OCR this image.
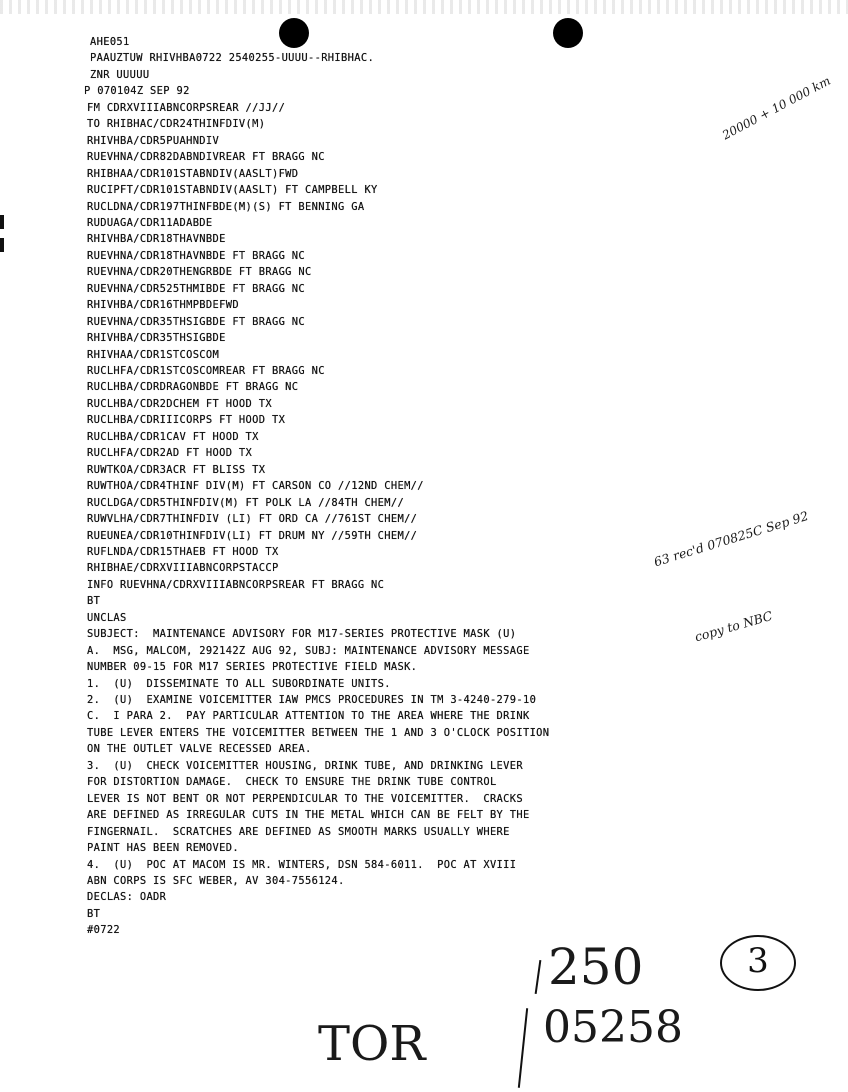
AHE051
PAAUZTUW RHIVHBA0722 2540255-UUUU--RHIBHAC.
ZNR UUUUU
P 070104Z SEP 92
FM CDRXVIIIABNCORPSREAR //JJ//
TO RHIBHAC/CDR24THINFDIV(M)
RHIVHBA/CDR5PUAHNDIV
RUEVHNA/CDR82DABNDIVREAR FT BRAGG NC
RHIBHAA/CDR101STABNDIV(AASLT)FWD
RUCIPFT/CDR101STABNDIV(AASLT) FT CAMPBELL KY
RUCLDNA/CDR197THINFBDE(M)(S) FT BENNING GA
RUDUAGA/CDR11ADABDE
RHIVHBA/CDR18THAVNBDE
RUEVHNA/CDR18THAVNBDE FT BRAGG NC
RUEVHNA/CDR20THENGRBDE FT BRAGG NC
RUEVHNA/CDR525THMIBDE FT BRAGG NC
RHIVHBA/CDR16THMPBDEFWD
RUEVHNA/CDR35THSIGBDE FT BRAGG NC
RHIVHBA/CDR35THSIGBDE
RHIVHAA/CDR1STCOSCOM
RUCLHFA/CDR1STCOSCOMREAR FT BRAGG NC
RUCLHBA/CDRDRAGONBDE FT BRAGG NC
RUCLHBA/CDR2DCHEM FT HOOD TX
RUCLHBA/CDRIIICORPS FT HOOD TX
RUCLHBA/CDR1CAV FT HOOD TX
RUCLHFA/CDR2AD FT HOOD TX
RUWTKOA/CDR3ACR FT BLISS TX
RUWTHOA/CDR4THINF DIV(M) FT CARSON CO //12ND CHEM//
RUCLDGA/CDR5THINFDIV(M) FT POLK LA //84TH CHEM//
RUWVLHA/CDR7THINFDIV (LI) FT ORD CA //761ST CHEM//
RUEUNEA/CDR10THINFDIV(LI) FT DRUM NY //59TH CHEM//
RUFLNDA/CDR15THAEB FT HOOD TX
RHIBHAE/CDRXVIIIABNCORPSTACCP
INFO RUEVHNA/CDRXVIIIABNCORPSREAR FT BRAGG NC
BT
UNCLAS
SUBJECT:  MAINTENANCE ADVISORY FOR M17-SERIES PROTECTIVE MASK (U)
A.  MSG, MALCOM, 292142Z AUG 92, SUBJ: MAINTENANCE ADVISORY MESSAGE
NUMBER 09-15 FOR M17 SERIES PROTECTIVE FIELD MASK.
1.  (U)  DISSEMINATE TO ALL SUBORDINATE UNITS.
2.  (U)  EXAMINE VOICEMITTER IAW PMCS PROCEDURES IN TM 3-4240-279-10
C.  I PARA 2.  PAY PARTICULAR ATTENTION TO THE AREA WHERE THE DRINK
TUBE LEVER ENTERS THE VOICEMITTER BETWEEN THE 1 AND 3 O'CLOCK POSITION
ON THE OUTLET VALVE RECESSED AREA.
3.  (U)  CHECK VOICEMITTER HOUSING, DRINK TUBE, AND DRINKING LEVER
FOR DISTORTION DAMAGE.  CHECK TO ENSURE THE DRINK TUBE CONTROL
LEVER IS NOT BENT OR NOT PERPENDICULAR TO THE VOICEMITTER.  CRACKS
ARE DEFINED AS IRREGULAR CUTS IN THE METAL WHICH CAN BE FELT BY THE
FINGERNAIL.  SCRATCHES ARE DEFINED AS SMOOTH MARKS USUALLY WHERE
PAINT HAS BEEN REMOVED.
4.  (U)  POC AT MACOM IS MR. WINTERS, DSN 584-6011.  POC AT XVIII
ABN CORPS IS SFC WEBER, AV 304-7556124.
DECLAS: OADR
BT
#0722
20000 + 10 000 km
63 rec'd 070825C Sep 92
copy to NBC
250	3
05258
TOR
